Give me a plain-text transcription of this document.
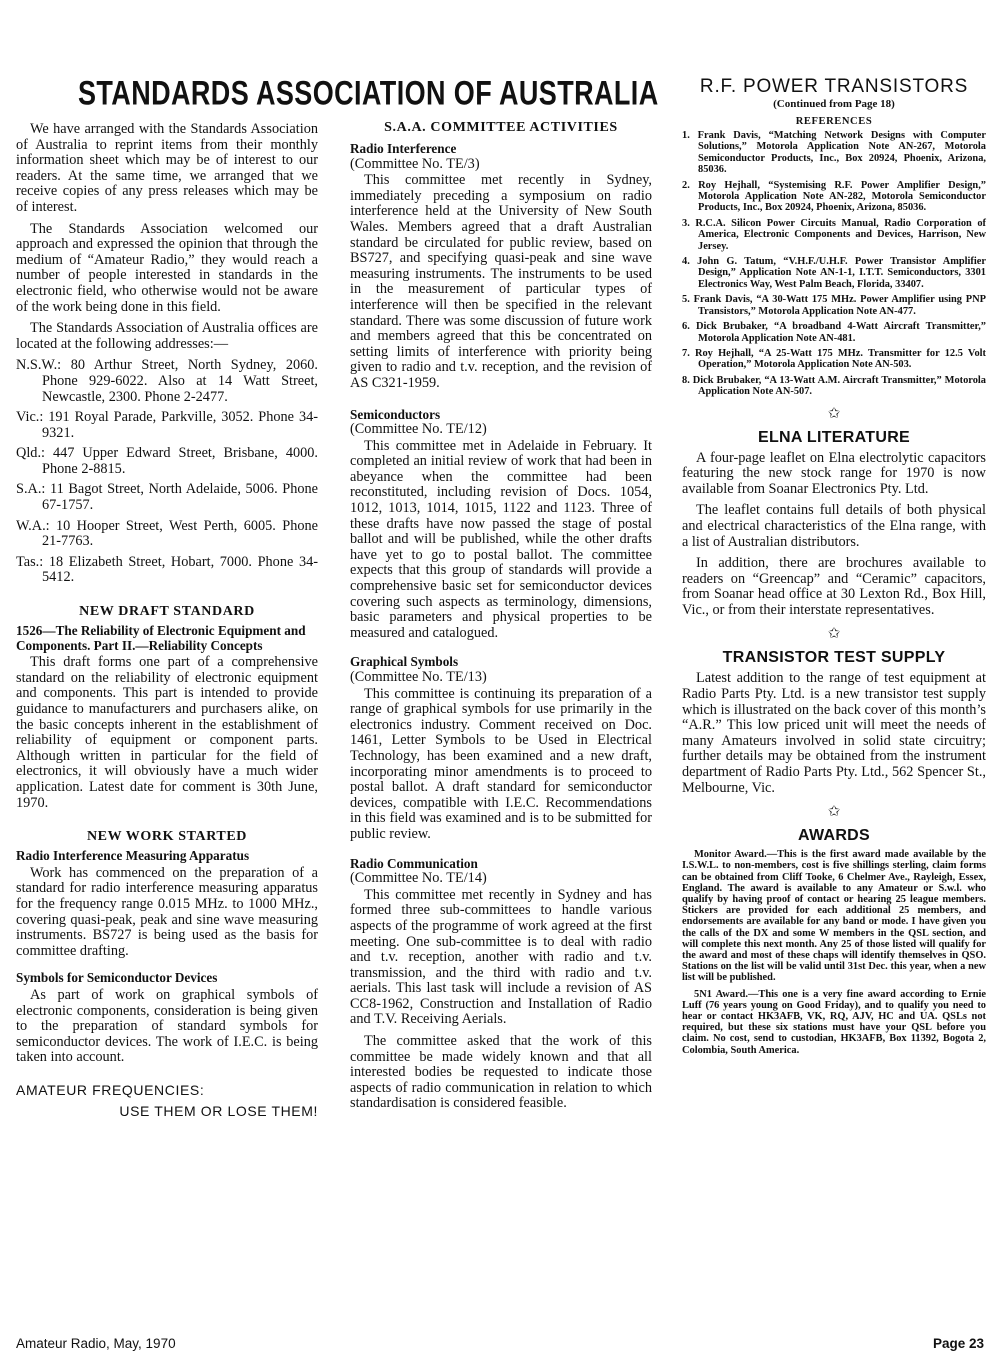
STANDARDS ASSOCIATION OF AUSTRALIA

We have arranged with the Standards Association of Australia to reprint items from their monthly information sheet which may be of interest to our readers. At the same time, we arranged that we receive copies of any press releases which may be of interest.

The Standards Association welcomed our approach and expressed the opinion that through the medium of “Amateur Radio,” they would reach a number of people interested in standards in the electronic field, who otherwise would not be aware of the work being done in this field.

The Standards Association of Australia offices are located at the following addresses:—

N.S.W.: 80 Arthur Street, North Sydney, 2060. Phone 929-6022. Also at 14 Watt Street, Newcastle, 2300. Phone 2-2477.
Vic.: 191 Royal Parade, Parkville, 3052. Phone 34-9321.
Qld.: 447 Upper Edward Street, Brisbane, 4000. Phone 2-8815.
S.A.: 11 Bagot Street, North Adelaide, 5006. Phone 67-1757.
W.A.: 10 Hooper Street, West Perth, 6005. Phone 21-7763.
Tas.: 18 Elizabeth Street, Hobart, 7000. Phone 34-5412.
NEW DRAFT STANDARD
1526—The Reliability of Electronic Equipment and Components. Part II.—Reliability Concepts

This draft forms one part of a comprehensive standard on the reliability of electronic equipment and components. This part is intended to provide guidance to manufacturers and purchasers alike, on the basic concepts inherent in the establishment of reliability of equipment or component parts. Although written in particular for the field of electronics, it will obviously have a much wider application. Latest date for comment is 30th June, 1970.

NEW WORK STARTED
Radio Interference Measuring Apparatus

Work has commenced on the preparation of a standard for radio interference measuring apparatus for the frequency range 0.015 MHz. to 1000 MHz., covering quasi-peak, peak and sine wave measuring instruments. BS727 is being used as the basis for committee drafting.

Symbols for Semiconductor Devices

As part of work on graphical symbols of electronic components, consideration is being given to the preparation of standard symbols for semiconductor devices. The work of I.E.C. is being taken into account.

AMATEUR FREQUENCIES:
USE THEM OR LOSE THEM!
S.A.A. COMMITTEE ACTIVITIES
Radio Interference
(Committee No. TE/3)

This committee met recently in Sydney, immediately preceding a symposium on radio interference held at the University of New South Wales. Members agreed that a draft Australian standard be circulated for public review, based on BS727, and specifying quasi-peak and sine wave measuring instruments. The instruments to be used in the measurement of particular types of interference will then be specified in the relevant standard. There was some discussion of future work and members agreed that this be concentrated on setting limits of interference with priority being given to radio and t.v. reception, and the revision of AS C321-1959.

Semiconductors
(Committee No. TE/12)

This committee met in Adelaide in February. It completed an initial review of work that had been in abeyance when the committee had been reconstituted, including revision of Docs. 1054, 1012, 1013, 1014, 1015, 1122 and 1123. Three of these drafts have now passed the stage of postal ballot and will be published, while the other drafts have yet to go to postal ballot. The committee expects that this group of standards will provide a comprehensive basic set for semiconductor devices covering such aspects as terminology, dimensions, basic parameters and physical properties to be measured and catalogued.

Graphical Symbols
(Committee No. TE/13)

This committee is continuing its preparation of a range of graphical symbols for use primarily in the electronics industry. Comment received on Doc. 1461, Letter Symbols to be Used in Electrical Technology, has been examined and a new draft, incorporating minor amendments is to proceed to postal ballot. A draft standard for semiconductor devices, compatible with I.E.C. Recommendations in this field was examined and is to be submitted for public review.

Radio Communication
(Committee No. TE/14)

This committee met recently in Sydney and has formed three sub-committees to handle various aspects of the programme of work agreed at the first meeting. One sub-committee is to deal with radio and t.v. reception, another with radio and t.v. transmission, and the third with radio and t.v. aerials. This last task will include a revision of AS CC8-1962, Construction and Installation of Radio and T.V. Receiving Aerials.

The committee asked that the work of this committee be made widely known and that all interested bodies be requested to indicate those aspects of radio communication in relation to which standardisation is considered feasible.

R.F. POWER TRANSISTORS
(Continued from Page 18)
REFERENCES
1. Frank Davis, “Matching Network Designs with Computer Solutions,” Motorola Application Note AN-267, Motorola Semiconductor Products, Inc., Box 20924, Phoenix, Arizona, 85036.
2. Roy Hejhall, “Systemising R.F. Power Amplifier Design,” Motorola Application Note AN-282, Motorola Semiconductor Products, Inc., Box 20924, Phoenix, Arizona, 85036.
3. R.C.A. Silicon Power Circuits Manual, Radio Corporation of America, Electronic Components and Devices, Harrison, New Jersey.
4. John G. Tatum, “V.H.F./U.H.F. Power Transistor Amplifier Design,” Application Note AN-1-1, I.T.T. Semiconductors, 3301 Electronics Way, West Palm Beach, Florida, 33407.
5. Frank Davis, “A 30-Watt 175 MHz. Power Amplifier using PNP Transistors,” Motorola Application Note AN-477.
6. Dick Brubaker, “A broadband 4-Watt Aircraft Transmitter,” Motorola Application Note AN-481.
7. Roy Hejhall, “A 25-Watt 175 MHz. Transmitter for 12.5 Volt Operation,” Motorola Application Note AN-503.
8. Dick Brubaker, “A 13-Watt A.M. Aircraft Transmitter,” Motorola Application Note AN-507.
✩
ELNA LITERATURE

A four-page leaflet on Elna electrolytic capacitors featuring the new stock range for 1970 is now available from Soanar Electronics Pty. Ltd.

The leaflet contains full details of both physical and electrical characteristics of the Elna range, with a list of Australian distributors.

In addition, there are brochures available to readers on “Greencap” and “Ceramic” capacitors, from Soanar head office at 30 Lexton Rd., Box Hill, Vic., or from their interstate representatives.

✩
TRANSISTOR TEST SUPPLY

Latest addition to the range of test equipment at Radio Parts Pty. Ltd. is a new transistor test supply which is illustrated on the back cover of this month’s “A.R.” This low priced unit will meet the needs of many Amateurs involved in solid state circuitry; further details may be obtained from the instrument department of Radio Parts Pty. Ltd., 562 Spencer St., Melbourne, Vic.

✩
AWARDS
Monitor Award.—This is the first award made available by the I.S.W.L. to non-members, cost is five shillings sterling, claim forms can be obtained from Cliff Tooke, 6 Chelmer Ave., Rayleigh, Essex, England. The award is available to any Amateur or S.w.l. who qualify by having proof of contact or hearing 25 league members. Stickers are provided for each additional 25 members, and endorsements are available for any band or mode. I have given you the calls of the DX and some W members in the QSL section, and will complete this next month. Any 25 of those listed will qualify for the award and most of these chaps will identify themselves in QSO. Stations on the list will be valid until 31st Dec. this year, when a new list will be published.
5N1 Award.—This one is a very fine award according to Ernie Luff (76 years young on Good Friday), and to qualify you need to hear or contact HK3AFB, VK, RQ, AJV, HC and UA. QSLs not required, but these six stations must have your QSL before you claim. No cost, send to custodian, HK3AFB, Box 11392, Bogota 2, Colombia, South America.
Amateur Radio, May, 1970	Page 23
